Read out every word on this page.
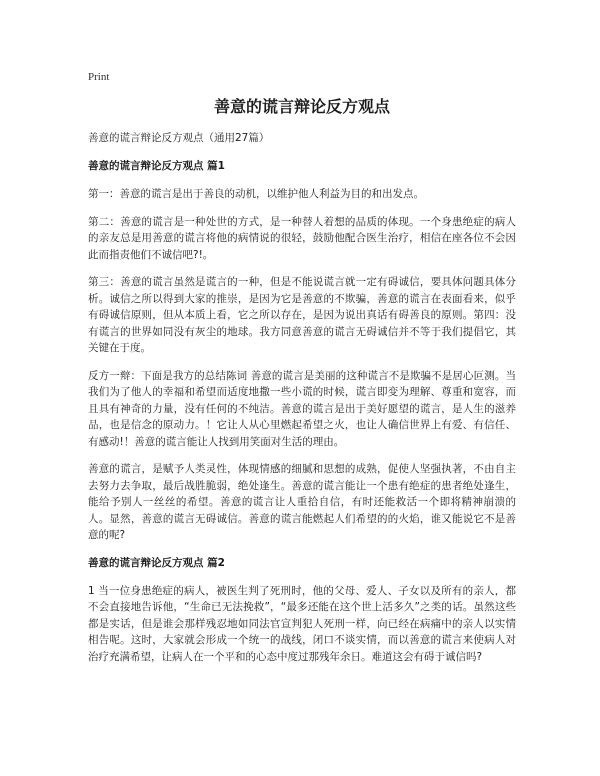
Print
善意的谎言辩论反方观点
善意的谎言辩论反方观点（通用27篇）
善意的谎言辩论反方观点 篇1

第一：善意的谎言是出于善良的动机，以维护他人利益为目的和出发点。

第二：善意的谎言是一种处世的方式，是一种替人着想的品质的体现。一个身患绝症的病人的亲友总是用善意的谎言将他的病情说的很轻，鼓励他配合医生治疗，相信在座各位不会因此而指责他们不诚信吧?!。

第三：善意的谎言虽然是谎言的一种，但是不能说谎言就一定有碍诚信，要具体问题具体分析。诚信之所以得到大家的推崇，是因为它是善意的不欺骗，善意的谎言在表面看来，似乎有碍诚信原则，但从本质上看，它之所以存在，是因为说出真话有碍善良的原则。第四：没有谎言的世界如同没有灰尘的地球。我方同意善意的谎言无碍诚信并不等于我们提倡它，其关键在于度。

反方一辩：下面是我方的总结陈词 善意的谎言是美丽的这种谎言不是欺骗不是居心叵测。当我们为了他人的幸福和希望而适度地撒一些小谎的时候，谎言即变为理解、尊重和宽容，而且具有神奇的力量，没有任何的不纯洁。善意的谎言是出于美好愿望的谎言，是人生的滋养品，也是信念的原动力。！它让人从心里燃起希望之火，也让人确信世界上有爱、有信任、有感动!！善意的谎言能让人找到用笑面对生活的理由。

善意的谎言，是赋予人类灵性，体现情感的细腻和思想的成熟，促使人坚强执著，不由自主去努力去争取，最后战胜脆弱，绝处逢生。善意的谎言能让一个患有绝症的患者绝处逢生，能给予别人一丝丝的希望。善意的谎言让人重拾自信，有时还能救活一个即将精神崩溃的人。显然，善意的谎言无碍诚信。善意的谎言能燃起人们希望的的火焰，谁又能说它不是善意的呢?

善意的谎言辩论反方观点 篇2

1 当一位身患绝症的病人，被医生判了死刑时，他的父母、爱人、子女以及所有的亲人，都不会直接地告诉他，“生命已无法挽救”，“最多还能在这个世上活多久”之类的话。虽然这些都是实话，但是谁会那样残忍地如同法官宣判犯人死刑一样，向已经在病痛中的亲人以实情相告呢。这时，大家就会形成一个统一的战线，闭口不谈实情，而以善意的谎言来使病人对治疗充满希望，让病人在一个平和的心态中度过那残年余日。难道这会有碍于诚信吗?
